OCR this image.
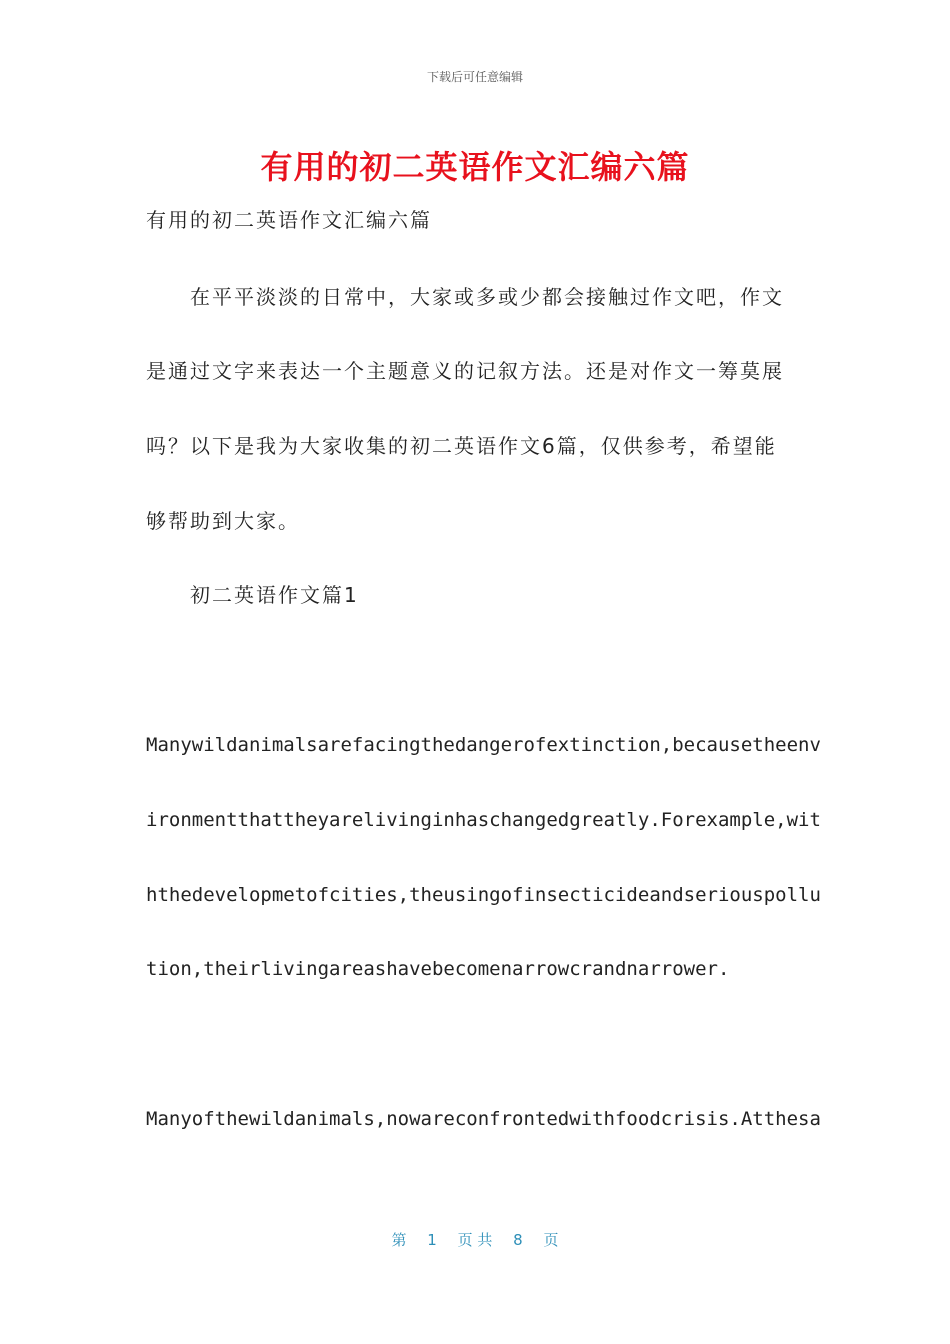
下载后可任意编辑
有用的初二英语作文汇编六篇
有用的初二英语作文汇编六篇
在平平淡淡的日常中，大家或多或少都会接触过作文吧，作文
是通过文字来表达一个主题意义的记叙方法。还是对作文一筹莫展
吗？以下是我为大家收集的初二英语作文6篇，仅供参考，希望能
够帮助到大家。
初二英语作文篇1
Manywildanimalsarefacingthedangerofextinction,becausetheenv
ironmentthattheyarelivinginhaschangedgreatly.Forexample,wit
hthedevelopmetofcities,theusingofinsecticideandseriouspollu
tion,theirlivingareashavebecomenarrowcrandnarrower.
Manyofthewildanimals,nowareconfrontedwithfoodcrisis.Atthesa
第 1 页 共 8 页
